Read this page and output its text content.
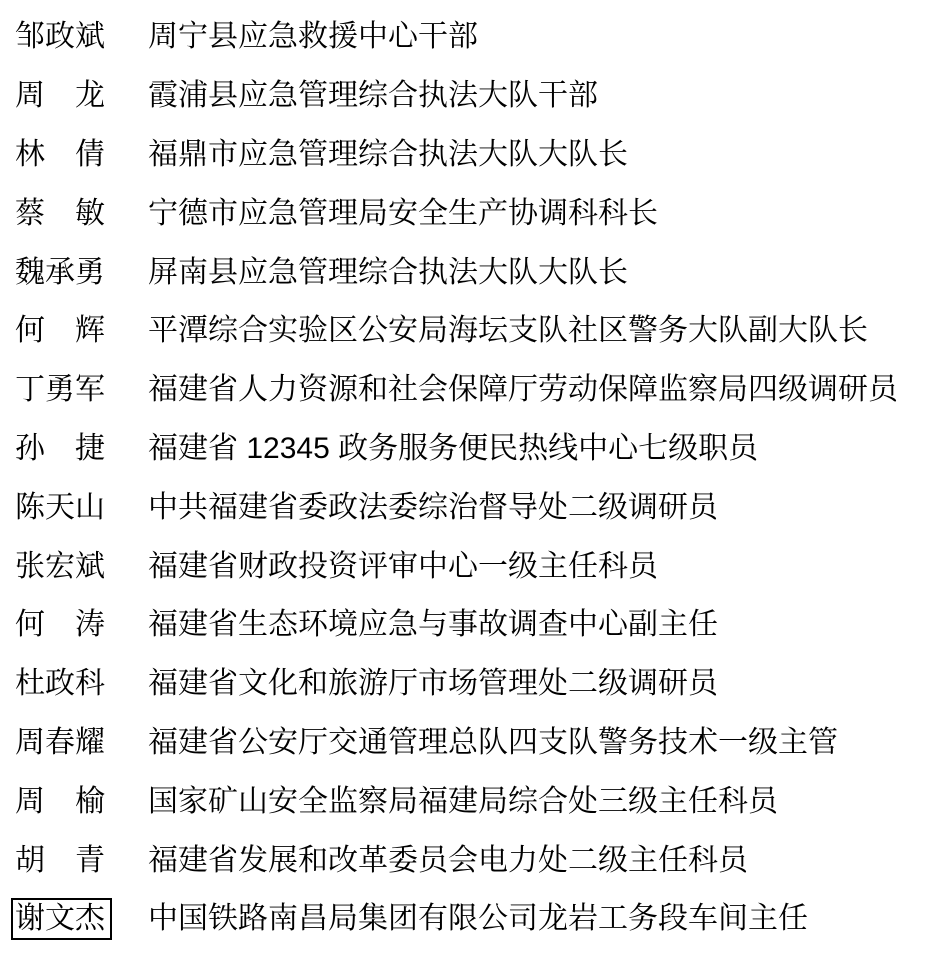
邹政斌 周宁县应急救援中心干部
周　龙 霞浦县应急管理综合执法大队干部
林　倩 福鼎市应急管理综合执法大队大队长
蔡　敏 宁德市应急管理局安全生产协调科科长
魏承勇 屏南县应急管理综合执法大队大队长
何　辉 平潭综合实验区公安局海坛支队社区警务大队副大队长
丁勇军 福建省人力资源和社会保障厅劳动保障监察局四级调研员
孙　捷 福建省 12345 政务服务便民热线中心七级职员
陈天山 中共福建省委政法委综治督导处二级调研员
张宏斌 福建省财政投资评审中心一级主任科员
何　涛 福建省生态环境应急与事故调查中心副主任
杜政科 福建省文化和旅游厅市场管理处二级调研员
周春耀 福建省公安厅交通管理总队四支队警务技术一级主管
周　榆 国家矿山安全监察局福建局综合处三级主任科员
胡　青 福建省发展和改革委员会电力处二级主任科员
谢文杰 中国铁路南昌局集团有限公司龙岩工务段车间主任
